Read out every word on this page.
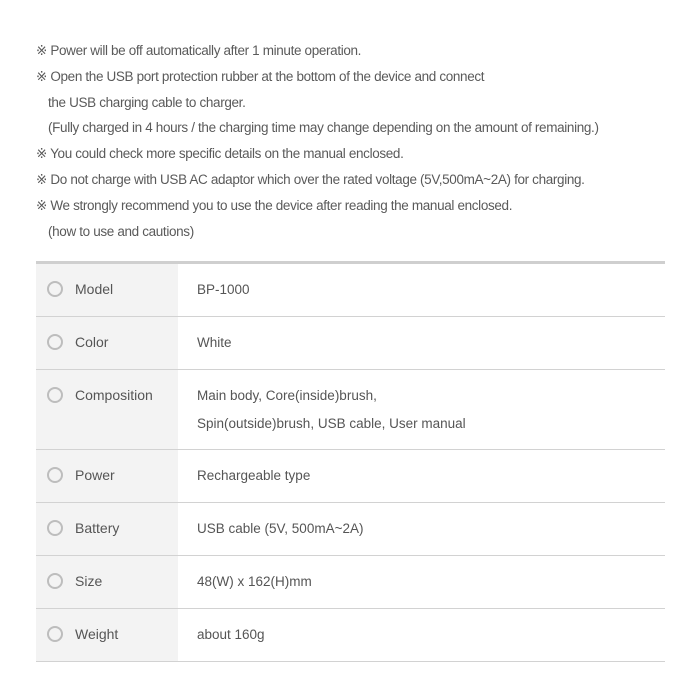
※ Power will be off automatically after 1 minute operation.
※ Open the USB port protection rubber at the bottom of the device and connect
the USB charging cable to charger.
(Fully charged in 4 hours / the charging time may change depending on the amount of remaining.)
※ You could check more specific details on the manual enclosed.
※ Do not charge with USB AC adaptor which over the rated voltage (5V,500mA~2A) for charging.
※ We strongly recommend you to use the device after reading the manual enclosed.
(how to use and cautions)
Model	BP-1000
Color	White
Composition	Main body, Core(inside)brush,
Spin(outside)brush, USB cable, User manual
Power	Rechargeable type
Battery	USB cable (5V, 500mA~2A)
Size	48(W) x 162(H)mm
Weight	about 160g
